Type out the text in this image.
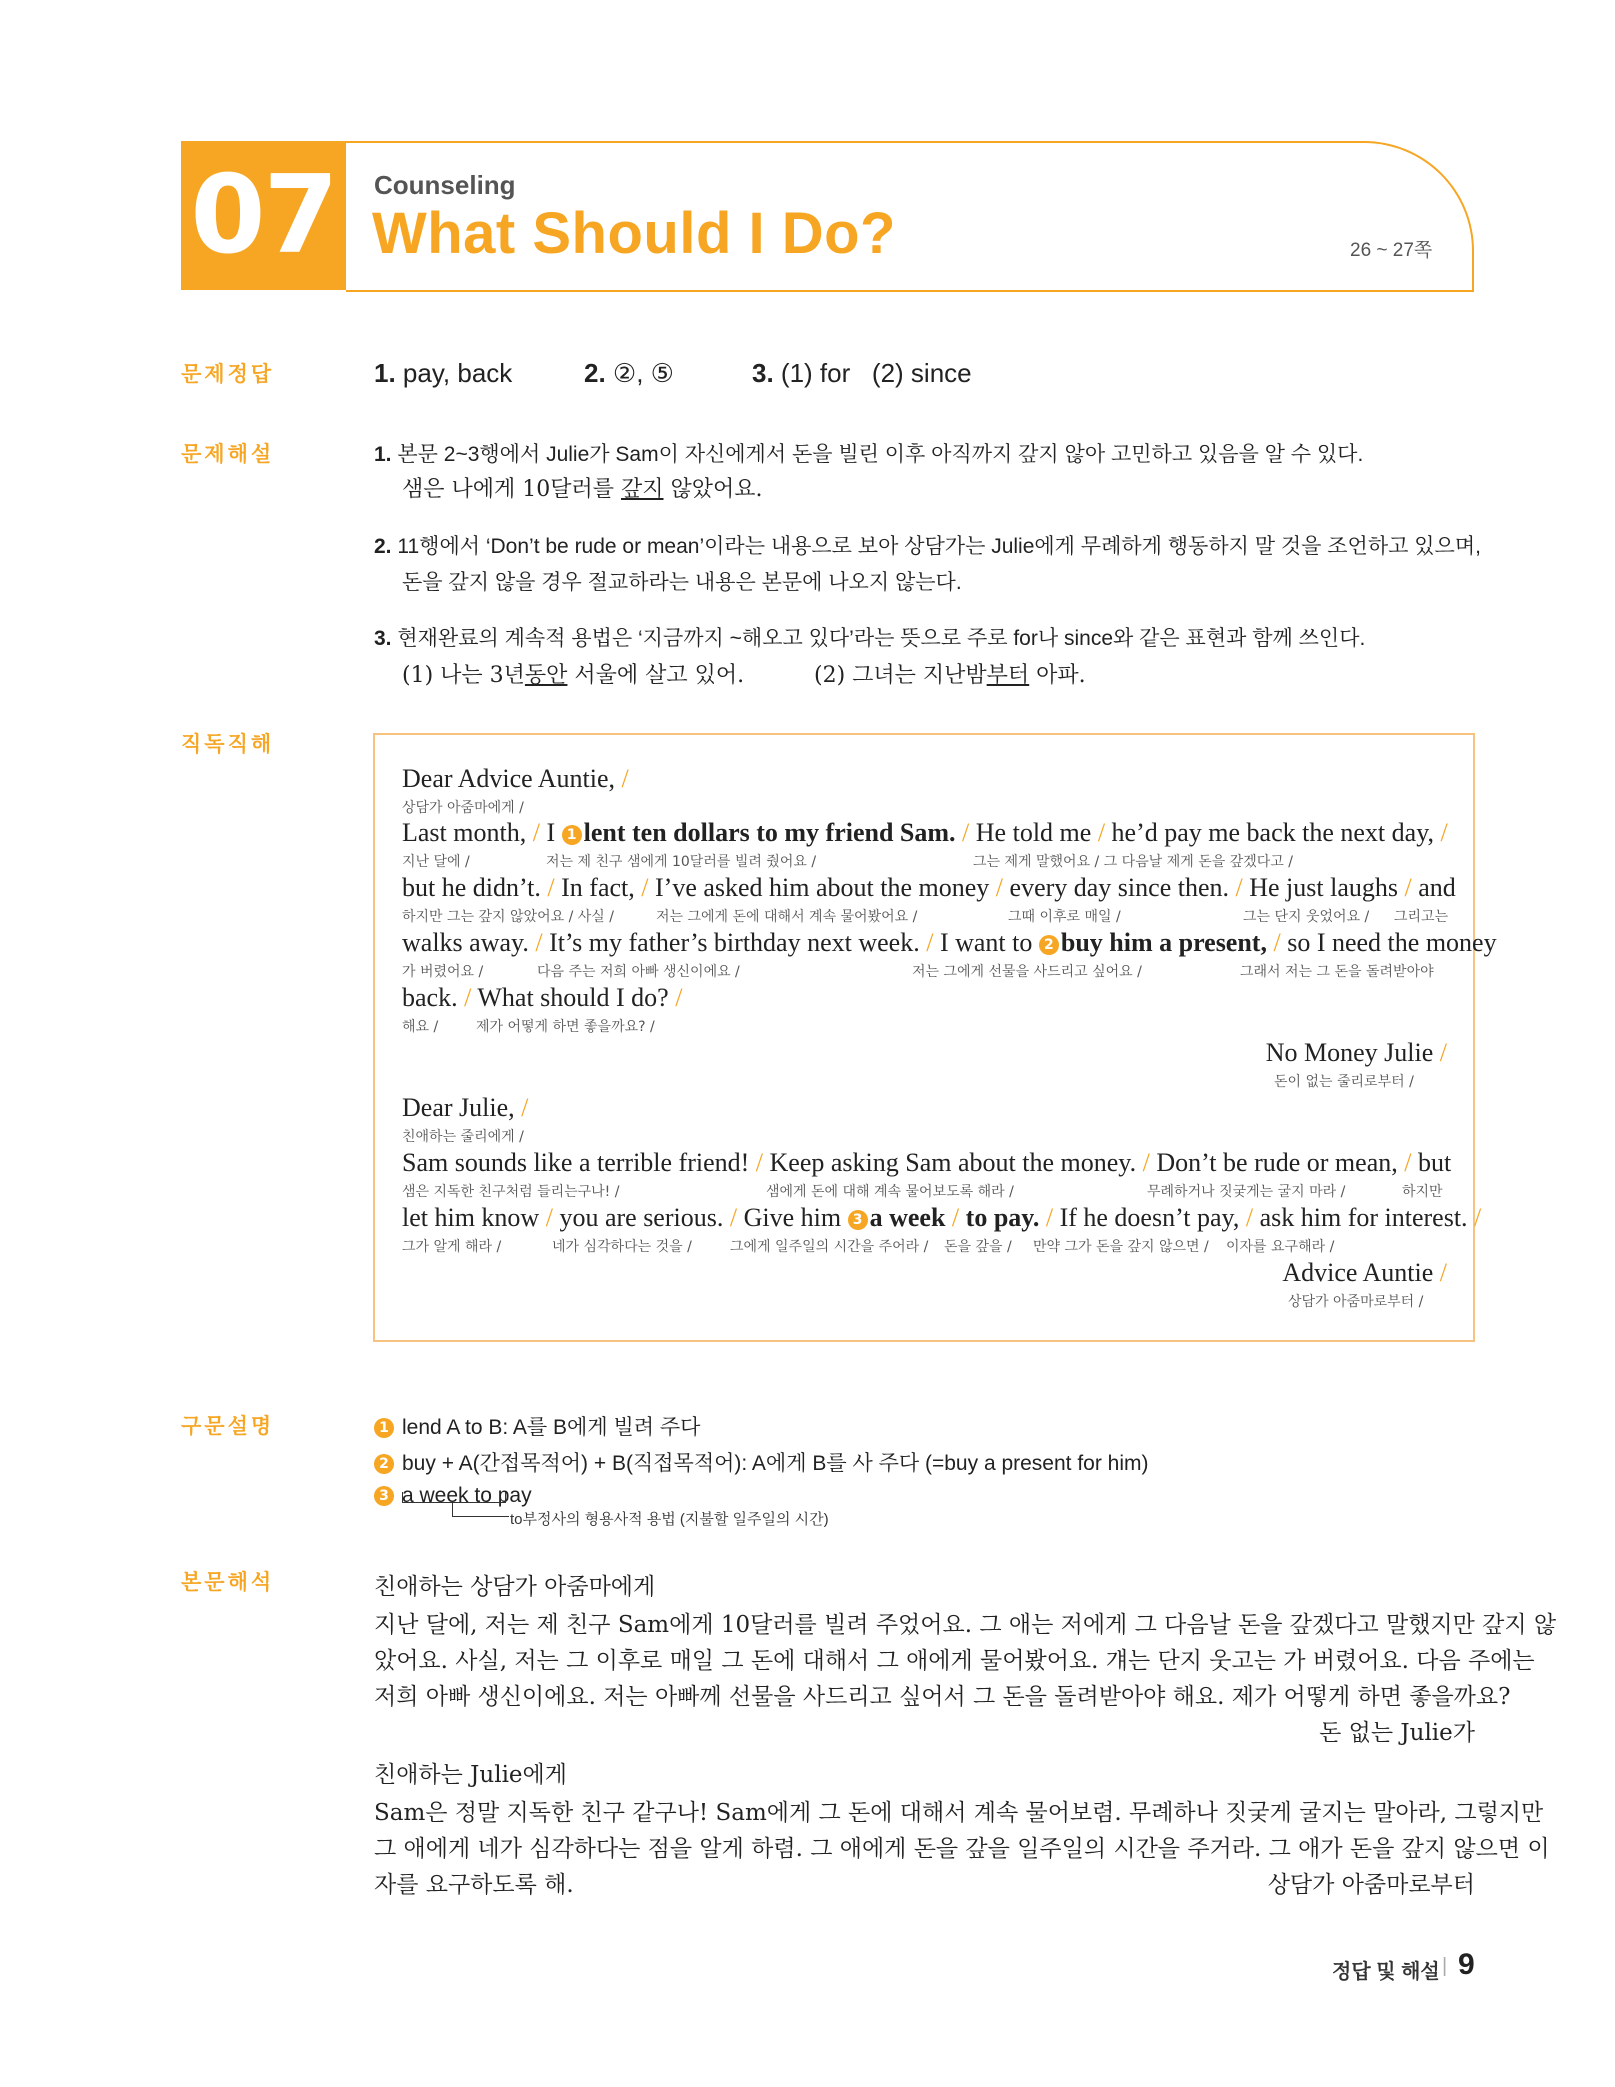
07	Counseling
What Should I Do?	26 ~ 27쪽
문제정답
문제해설
직독직해
구문설명
본문해석
1. pay, back	2. ②, ⑤	3. (1) for   (2) since
1. 본문 2~3행에서 Julie가 Sam이 자신에게서 돈을 빌린 이후 아직까지 갚지 않아 고민하고 있음을 알 수 있다.
샘은 나에게 10달러를 갚지 않았어요.
2. 11행에서 ‘Don’t be rude or mean’이라는 내용으로 보아 상담가는 Julie에게 무례하게 행동하지 말 것을 조언하고 있으며,
돈을 갚지 않을 경우 절교하라는 내용은 본문에 나오지 않는다.
3. 현재완료의 계속적 용법은 ‘지금까지 ~해오고 있다’라는 뜻으로 주로 for나 since와 같은 표현과 함께 쓰인다.
(1) 나는 3년동안 서울에 살고 있어.	(2) 그녀는 지난밤부터 아파.
Dear Advice Auntie, /
상담가 아줌마에게 /
Last month, / I 1 lent ten dollars to my friend Sam. / He told me / he’d pay me back the next day, /
지난 달에 /	저는 제 친구 샘에게 10달러를 빌려 줬어요 /	그는 제게 말했어요 / 그 다음날 제게 돈을 갚겠다고 /
but he didn’t. / In fact, / I’ve asked him about the money / every day since then. / He just laughs / and
하지만 그는 갚지 않았어요 / 사실 /	저는 그에게 돈에 대해서 계속 물어봤어요 /	그때 이후로 매일 /	그는 단지 웃었어요 / 그리고는
walks away. / It’s my father’s birthday next week. / I want to 2 buy him a present, / so I need the money
가 버렸어요 /	다음 주는 저희 아빠 생신이에요 /	저는 그에게 선물을 사드리고 싶어요 /	그래서 저는 그 돈을 돌려받아야
back. / What should I do? /
해요 /	제가 어떻게 하면 좋을까요? /
No Money Julie /
돈이 없는 줄리로부터 /
Dear Julie, /
친애하는 줄리에게 /
Sam sounds like a terrible friend! / Keep asking Sam about the money. / Don’t be rude or mean, / but
샘은 지독한 친구처럼 들리는구나! /	샘에게 돈에 대해 계속 물어보도록 해라 /	무례하거나 짓궂게는 굴지 마라 /	하지만
let him know / you are serious. / Give him 3 a week / to pay. / If he doesn’t pay, / ask him for interest. /
그가 알게 해라 /	네가 심각하다는 것을 /	그에게 일주일의 시간을 주어라 / 돈을 갚을 / 만약 그가 돈을 갚지 않으면 / 이자를 요구해라 /
Advice Auntie /
상담가 아줌마로부터 /
1 lend A to B: A를 B에게 빌려 주다
2 buy + A(간접목적어) + B(직접목적어): A에게 B를 사 주다 (=buy a present for him)
3 a week to pay
to부정사의 형용사적 용법 (지불할 일주일의 시간)
친애하는 상담가 아줌마에게
지난 달에, 저는 제 친구 Sam에게 10달러를 빌려 주었어요. 그 애는 저에게 그 다음날 돈을 갚겠다고 말했지만 갚지 않
았어요. 사실, 저는 그 이후로 매일 그 돈에 대해서 그 애에게 물어봤어요. 걔는 단지 웃고는 가 버렸어요. 다음 주에는
저희 아빠 생신이에요. 저는 아빠께 선물을 사드리고 싶어서 그 돈을 돌려받아야 해요. 제가 어떻게 하면 좋을까요?
돈 없는 Julie가
친애하는 Julie에게
Sam은 정말 지독한 친구 같구나! Sam에게 그 돈에 대해서 계속 물어보렴. 무례하나 짓궂게 굴지는 말아라, 그렇지만
그 애에게 네가 심각하다는 점을 알게 하렴. 그 애에게 돈을 갚을 일주일의 시간을 주거라. 그 애가 돈을 갚지 않으면 이
자를 요구하도록 해.	상담가 아줌마로부터
정답 및 해설 | 9
